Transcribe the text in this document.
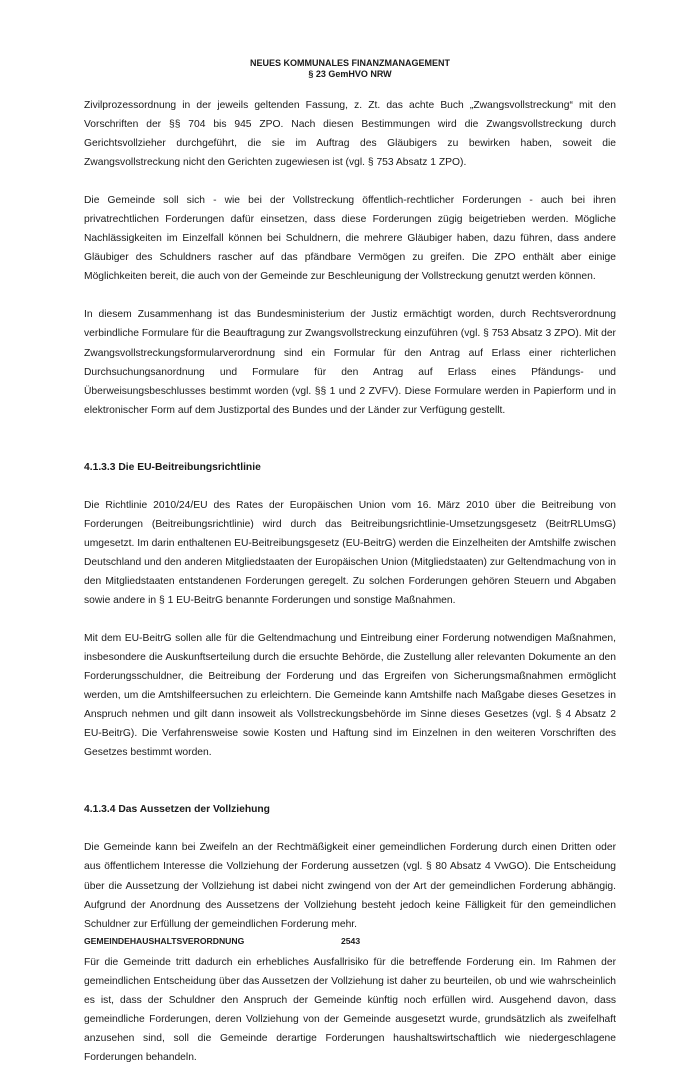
NEUES KOMMUNALES FINANZMANAGEMENT
§ 23 GemHVO NRW

Zivilprozessordnung in der jeweils geltenden Fassung, z. Zt. das achte Buch „Zwangsvollstreckung“ mit den Vorschriften der §§ 704 bis 945 ZPO. Nach diesen Bestimmungen wird die Zwangsvollstreckung durch Gerichtsvollzieher durchgeführt, die sie im Auftrag des Gläubigers zu bewirken haben, soweit die Zwangsvollstreckung nicht den Gerichten zugewiesen ist (vgl. § 753 Absatz 1 ZPO).

Die Gemeinde soll sich - wie bei der Vollstreckung öffentlich-rechtlicher Forderungen - auch bei ihren privatrechtlichen Forderungen dafür einsetzen, dass diese Forderungen zügig beigetrieben werden. Mögliche Nachlässigkeiten im Einzelfall können bei Schuldnern, die mehrere Gläubiger haben, dazu führen, dass andere Gläubiger des Schuldners rascher auf das pfändbare Vermögen zu greifen. Die ZPO enthält aber einige Möglichkeiten bereit, die auch von der Gemeinde zur Beschleunigung der Vollstreckung genutzt werden können.

In diesem Zusammenhang ist das Bundesministerium der Justiz ermächtigt worden, durch Rechtsverordnung verbindliche Formulare für die Beauftragung zur Zwangsvollstreckung einzuführen (vgl. § 753 Absatz 3 ZPO). Mit der Zwangsvollstreckungsformularverordnung sind ein Formular für den Antrag auf Erlass einer richterlichen Durchsuchungsanordnung und Formulare für den Antrag auf Erlass eines Pfändungs- und Überweisungsbeschlusses bestimmt worden (vgl. §§ 1 und 2 ZVFV). Diese Formulare werden in Papierform und in elektronischer Form auf dem Justizportal des Bundes und der Länder zur Verfügung gestellt.

4.1.3.3 Die EU-Beitreibungsrichtlinie

Die Richtlinie 2010/24/EU des Rates der Europäischen Union vom 16. März 2010 über die Beitreibung von Forderungen (Beitreibungsrichtlinie) wird durch das Beitreibungsrichtlinie-Umsetzungsgesetz (BeitrRLUmsG) umgesetzt. Im darin enthaltenen EU-Beitreibungsgesetz (EU-BeitrG) werden die Einzelheiten der Amtshilfe zwischen Deutschland und den anderen Mitgliedstaaten der Europäischen Union (Mitgliedstaaten) zur Geltendmachung von in den Mitgliedstaaten entstandenen Forderungen geregelt. Zu solchen Forderungen gehören Steuern und Abgaben sowie andere in § 1 EU-BeitrG benannte Forderungen und sonstige Maßnahmen.

Mit dem EU-BeitrG sollen alle für die Geltendmachung und Eintreibung einer Forderung notwendigen Maßnahmen, insbesondere die Auskunftserteilung durch die ersuchte Behörde, die Zustellung aller relevanten Dokumente an den Forderungsschuldner, die Beitreibung der Forderung und das Ergreifen von Sicherungsmaßnahmen ermöglicht werden, um die Amtshilfeersuchen zu erleichtern. Die Gemeinde kann Amtshilfe nach Maßgabe dieses Gesetzes in Anspruch nehmen und gilt dann insoweit als Vollstreckungsbehörde im Sinne dieses Gesetzes (vgl. § 4 Absatz 2 EU-BeitrG). Die Verfahrensweise sowie Kosten und Haftung sind im Einzelnen in den weiteren Vorschriften des Gesetzes bestimmt worden.

4.1.3.4 Das Aussetzen der Vollziehung

Die Gemeinde kann bei Zweifeln an der Rechtmäßigkeit einer gemeindlichen Forderung durch einen Dritten oder aus öffentlichem Interesse die Vollziehung der Forderung aussetzen (vgl. § 80 Absatz 4 VwGO). Die Entscheidung über die Aussetzung der Vollziehung ist dabei nicht zwingend von der Art der gemeindlichen Forderung abhängig. Aufgrund der Anordnung des Aussetzens der Vollziehung besteht jedoch keine Fälligkeit für den gemeindlichen Schuldner zur Erfüllung der gemeindlichen Forderung mehr.

Für die Gemeinde tritt dadurch ein erhebliches Ausfallrisiko für die betreffende Forderung ein. Im Rahmen der gemeindlichen Entscheidung über das Aussetzen der Vollziehung ist daher zu beurteilen, ob und wie wahrscheinlich es ist, dass der Schuldner den Anspruch der Gemeinde künftig noch erfüllen wird. Ausgehend davon, dass gemeindliche Forderungen, deren Vollziehung von der Gemeinde ausgesetzt wurde, grundsätzlich als zweifelhaft anzusehen sind, soll die Gemeinde derartige Forderungen haushaltswirtschaftlich wie niedergeschlagene Forderungen behandeln.

GEMEINDEHAUSHALTSVERORDNUNG	2543
